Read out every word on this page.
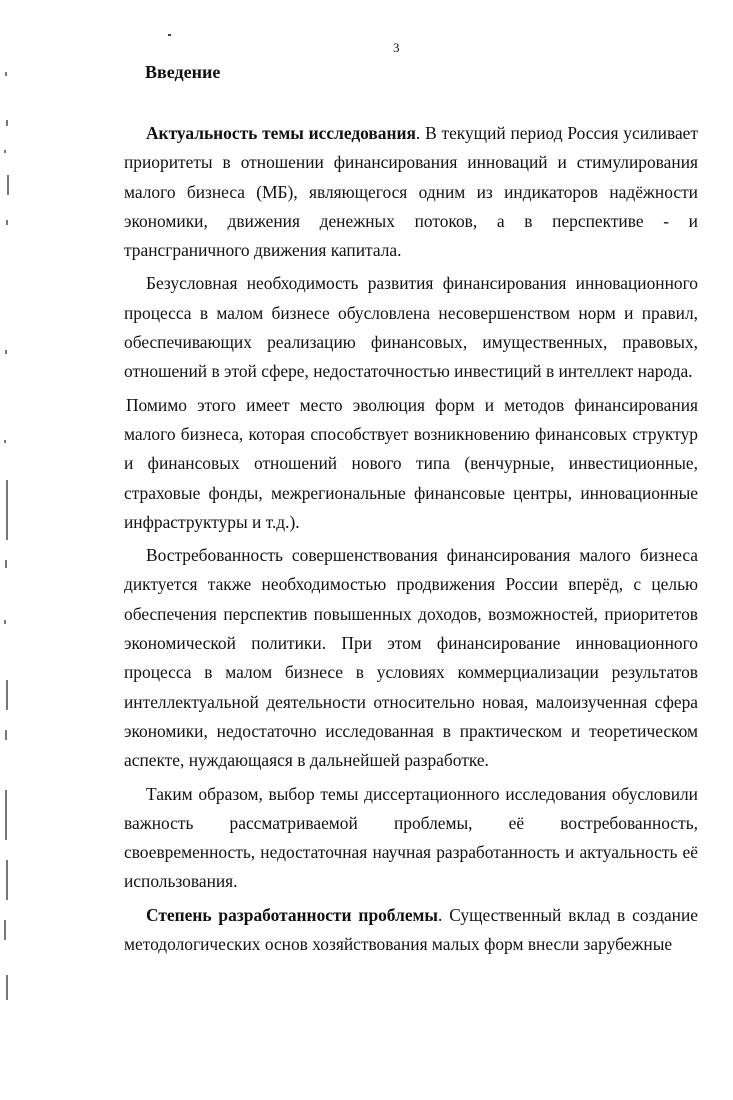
3
Введение

Актуальность темы исследования. В текущий период Россия усиливает приоритеты в отношении финансирования инноваций и стимулирования малого бизнеса (МБ), являющегося одним из индикаторов надёжности экономики, движения денежных потоков, а в перспективе - и трансграничного движения капитала.

Безусловная необходимость развития финансирования инновационного процесса в малом бизнесе обусловлена несовершенством норм и правил, обеспечивающих реализацию финансовых, имущественных, правовых, отношений в этой сфере, недостаточностью инвестиций в интеллект народа.

Помимо этого имеет место эволюция форм и методов финансирования малого бизнеса, которая способствует возникновению финансовых структур и финансовых отношений нового типа (венчурные, инвестиционные, страховые фонды, межрегиональные финансовые центры, инновационные инфраструктуры и т.д.).

Востребованность совершенствования финансирования малого бизнеса диктуется также необходимостью продвижения России вперёд, с целью обеспечения перспектив повышенных доходов, возможностей, приоритетов экономической политики. При этом финансирование инновационного процесса в малом бизнесе в условиях коммерциализации результатов интеллектуальной деятельности относительно новая, малоизученная сфера экономики, недостаточно исследованная в практическом и теоретическом аспекте, нуждающаяся в дальнейшей разработке.

Таким образом, выбор темы диссертационного исследования обусловили важность рассматриваемой проблемы, её востребованность, своевременность, недостаточная научная разработанность и актуальность её использования.

Степень разработанности проблемы. Существенный вклад в создание методологических основ хозяйствования малых форм внесли зарубежные
